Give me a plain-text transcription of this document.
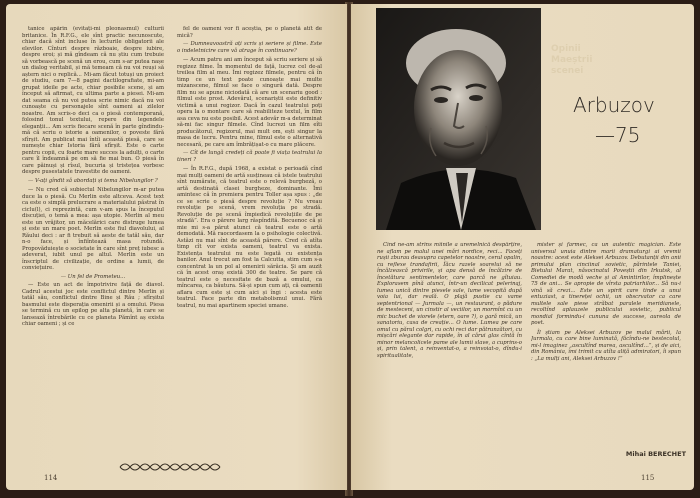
tanice apărîn (evitați-mi pleonasmul) culturii britanice. În R.F.G., ele sînt practic necunoscute, chiar dacă sînt incluse în lecturile obligatorii ale elevilor. Cînturi despre războaie, despre iubire, despre eroi; și mă gîndeam că nu știu cum trebuie să vorbească pe scenă un erou, cum s-ar putea nașe un dialog veritabil, și mă temeam că nu voi reuși să aștern nici o replică... Mi-am făcut totuși un proiect de studiu, cam 7—8 pagini dactilografiate, mi-am grupat ideile pe acte, chiar posibile scene, și am început să afirmat, cu ultima parte a piesei. Mi-am dat seama că nu voi putea scrie nimic dacă nu voi cunoaște cu personajele sînt oameni ai zilelor noastre. Am scris-o deci ca o piesă contemporană, folosind tonul textului, repere din legendele eleganții... Am scris fiecare scenă în parte gîndindu-mă că scriu o istorie a oamenilor, o poveste fără sfîrșit. Am publicat mai întîi această piesă, care se numește chiar Istoria fără sfîrșit. Este o carte pentru copii, cu foarte mare succes la adulți, o carte care îl îndeamnă pe om să fie mai bun. O piesă în care păinuși și rîsul, bucuria și tristețea vorbesc despre pusestatele travestite de oameni.

— V-ați gîndit să abordați și tema Nibelungilor ?

— Nu cred că subiectul Nibelungilor m-ar putea duce la o piesă. Cu Merlin este altceva. Acest text ca este o simplă prelucrare a materialului păstrat în ciclu(l), ci reprezintă, cum v-am spus la începutul discuției, o temă a mea: așa utopie. Merlin al meu este un vrăjitor, un măcelărici care distruge lumea și este un mare poet. Merlin este fiul diavolului, al Răului deci : ar fi trebuit să aeste de tatăl său, dar n-o face, și înfiîntează masa rotundă. Propovăduiește o societate în care sînt preț iubesc a adeverat, iubit unul pe altul. Merlin este un înscriptul de civilizație, de ordine a lumii, de conviețuire.

— Un fel de Prometeu...

— Este un act de împotrivire față de diavol. Cadrul acestui joc este conflictul dintre Merlin și tatăl său, conflictul dintre Bine și Rău ; sfîrșitul basmului este disperația omenirii și a omului. Piesa se termină cu un epilog pe alta planetă, în care se lansează întrebările cu ce planeta Pămînt aș exista chiar oameni ; și ce

fel de oameni vor fi aceștia, pe o planetă atît de mică?

— Dumneavoastră ați scris și seriere și filme. Este o indeletnicire care vă atrage în continuare?

— Acum patru ani am început să scriu seriere și să regizez filme. În momentul de față, lucrez cel de-al treilea film al meu. Îmi regizez filmele, pentru că în timp ce un text poate cunoaște mai multe mizanscene, filmul se face o singură dată. Despre film nu se apune niciodată că are un scenariu good : filmul este prost. Adevărul, scenariștii este definitiv victimă a unui regizor. Dacă în cazul teatrului poți opera la o montare care să reabiliteze textul, în film asa ceva nu este posibil. Acest adevăr m-a determinat să-mi fac singur filmele. Cînd lucrezi un film eîti producătorul, regizorul, mai mult om, ești singur la masa de lucru. Pentru mine, filmul este o alternativă necesară, pe care am îmbrățișat-o cu mare plăcere.

— Cît de lungă credeți că poate fi viața teatrului la tineri ?

— În R.F.G., după 1968, a existat o perioadă cînd mai mulți oameni de artă susțineau că istele teatrului sînt numărate, că teatrul este o relevă burgheză, o artă destinată clasei burgheze, dominante. Îmi amintesc că în premiera pentru Toller așa spus : „de ce se scrie o piesă despre revoluție ? Nu vreau revoluție pe scenă, vrem revoluția pe stradă. Revoluție de pe scenă împiedică revoluțiile de pe stradă”. Era o părere larg răspîndită. Becuenoc că și mie mi s-a părut atunci că teatrul este o artă demodată. Mă raocordasem la o psihologie colectivă. Astăzi nu mai sînt de această părere. Cred că atîta timp cît vor exista oameni, teatrul va exista. Existența teatrului nu este legată cu existența banilor. Anul trecut am fost la Calcutta, stim cum s-a concentrat la un pol al omenirii sărăcia. Și am auzit că în acest oraș există 300 de teatre. Se pare că teatrul este o necesitate de bază a omului, ca mîncarea, ca băutura. Să-și spun cum ați, că oamenii aflara cum este și cum aici și îngi : acesta este teatrul. Face parte din metabolismul unui. Fără teatrul, nu mai apartinem speciei umane.

114
Opinii
Maeștrii
scenei
Arbuzov
—75

Cînd ne-am strîns mîinile a uremelnică despărțire, ne aflam pe malul unei mări nordice, reci... Faceți rușii zburau deasupra capetelor noastre, cerul opalin, cu reflexe trandafirii, Îăcu razele soarelui să ne încălzească privirile, și apa densă de încălzire de încetătura sentimentelor, care parcă ne gîtuiau. Explorasem pînă atunci, într-un decilicat pelerinaj, lumea unică dintre piesele sale, lume vecopită după voia lui, dar reală. O plajă pustie cu vame septentrional — Jurmala —, un restaurant, o pădure de mesteceni, un cinstir al veciilor, un mormînt cu un mic buchet de viorele (etern, oare ?), o gară mică, un sanatoriu, casa de creație... O lume. Lumea pe care omul cu părul colgri, cu ochi reci dar pătrunzători, cu mișcări elegante dar rapide, în al cărui glas cîntă în minor melancolicele pame ale lumii slave, a cuprins-o și, prin talent, a reinventat-o, a reinvoiat-o, dîndu-i spiritualitate,

mister și farmec, ca un autentic magician. Este universul unuia dintre marii dramaturgi ai vremii noastre: acest este Aleksei Arbuzov. Debutanții din anii primului plan cinciinal sovietic, părintele Taniei, Bietului Marat, năsocinatul Poveștii din Irkutsk, al Comediei de modă veche și al Amintirilor, împlinește 75 de ani... Se apropie de vîrsta patriarhilor... Să nu-i vină să crezi... Este un spirit care tinde a unui entuziast, a tinereței ochii, un obscrvator ca care multele sale piese străbat paralele meridianele, recoltînd aplauzele publicului sovietic, publicul mondial formindu-i cununa de succese, aureola de poet.

Îl știam pe Aleksei Arbuzov pe malul mării, la Jurmala, cu care bine luminată, făcîndu-ne bestecolul, mi-l imaginez „ascultînd marea, ascultînd...”, și de aici, din România, îmi trimit cu atîta aliță admiratori, îi spun : „La mulți ani, Aleksei Arbuzov !”

Mihai BERECHET
115
